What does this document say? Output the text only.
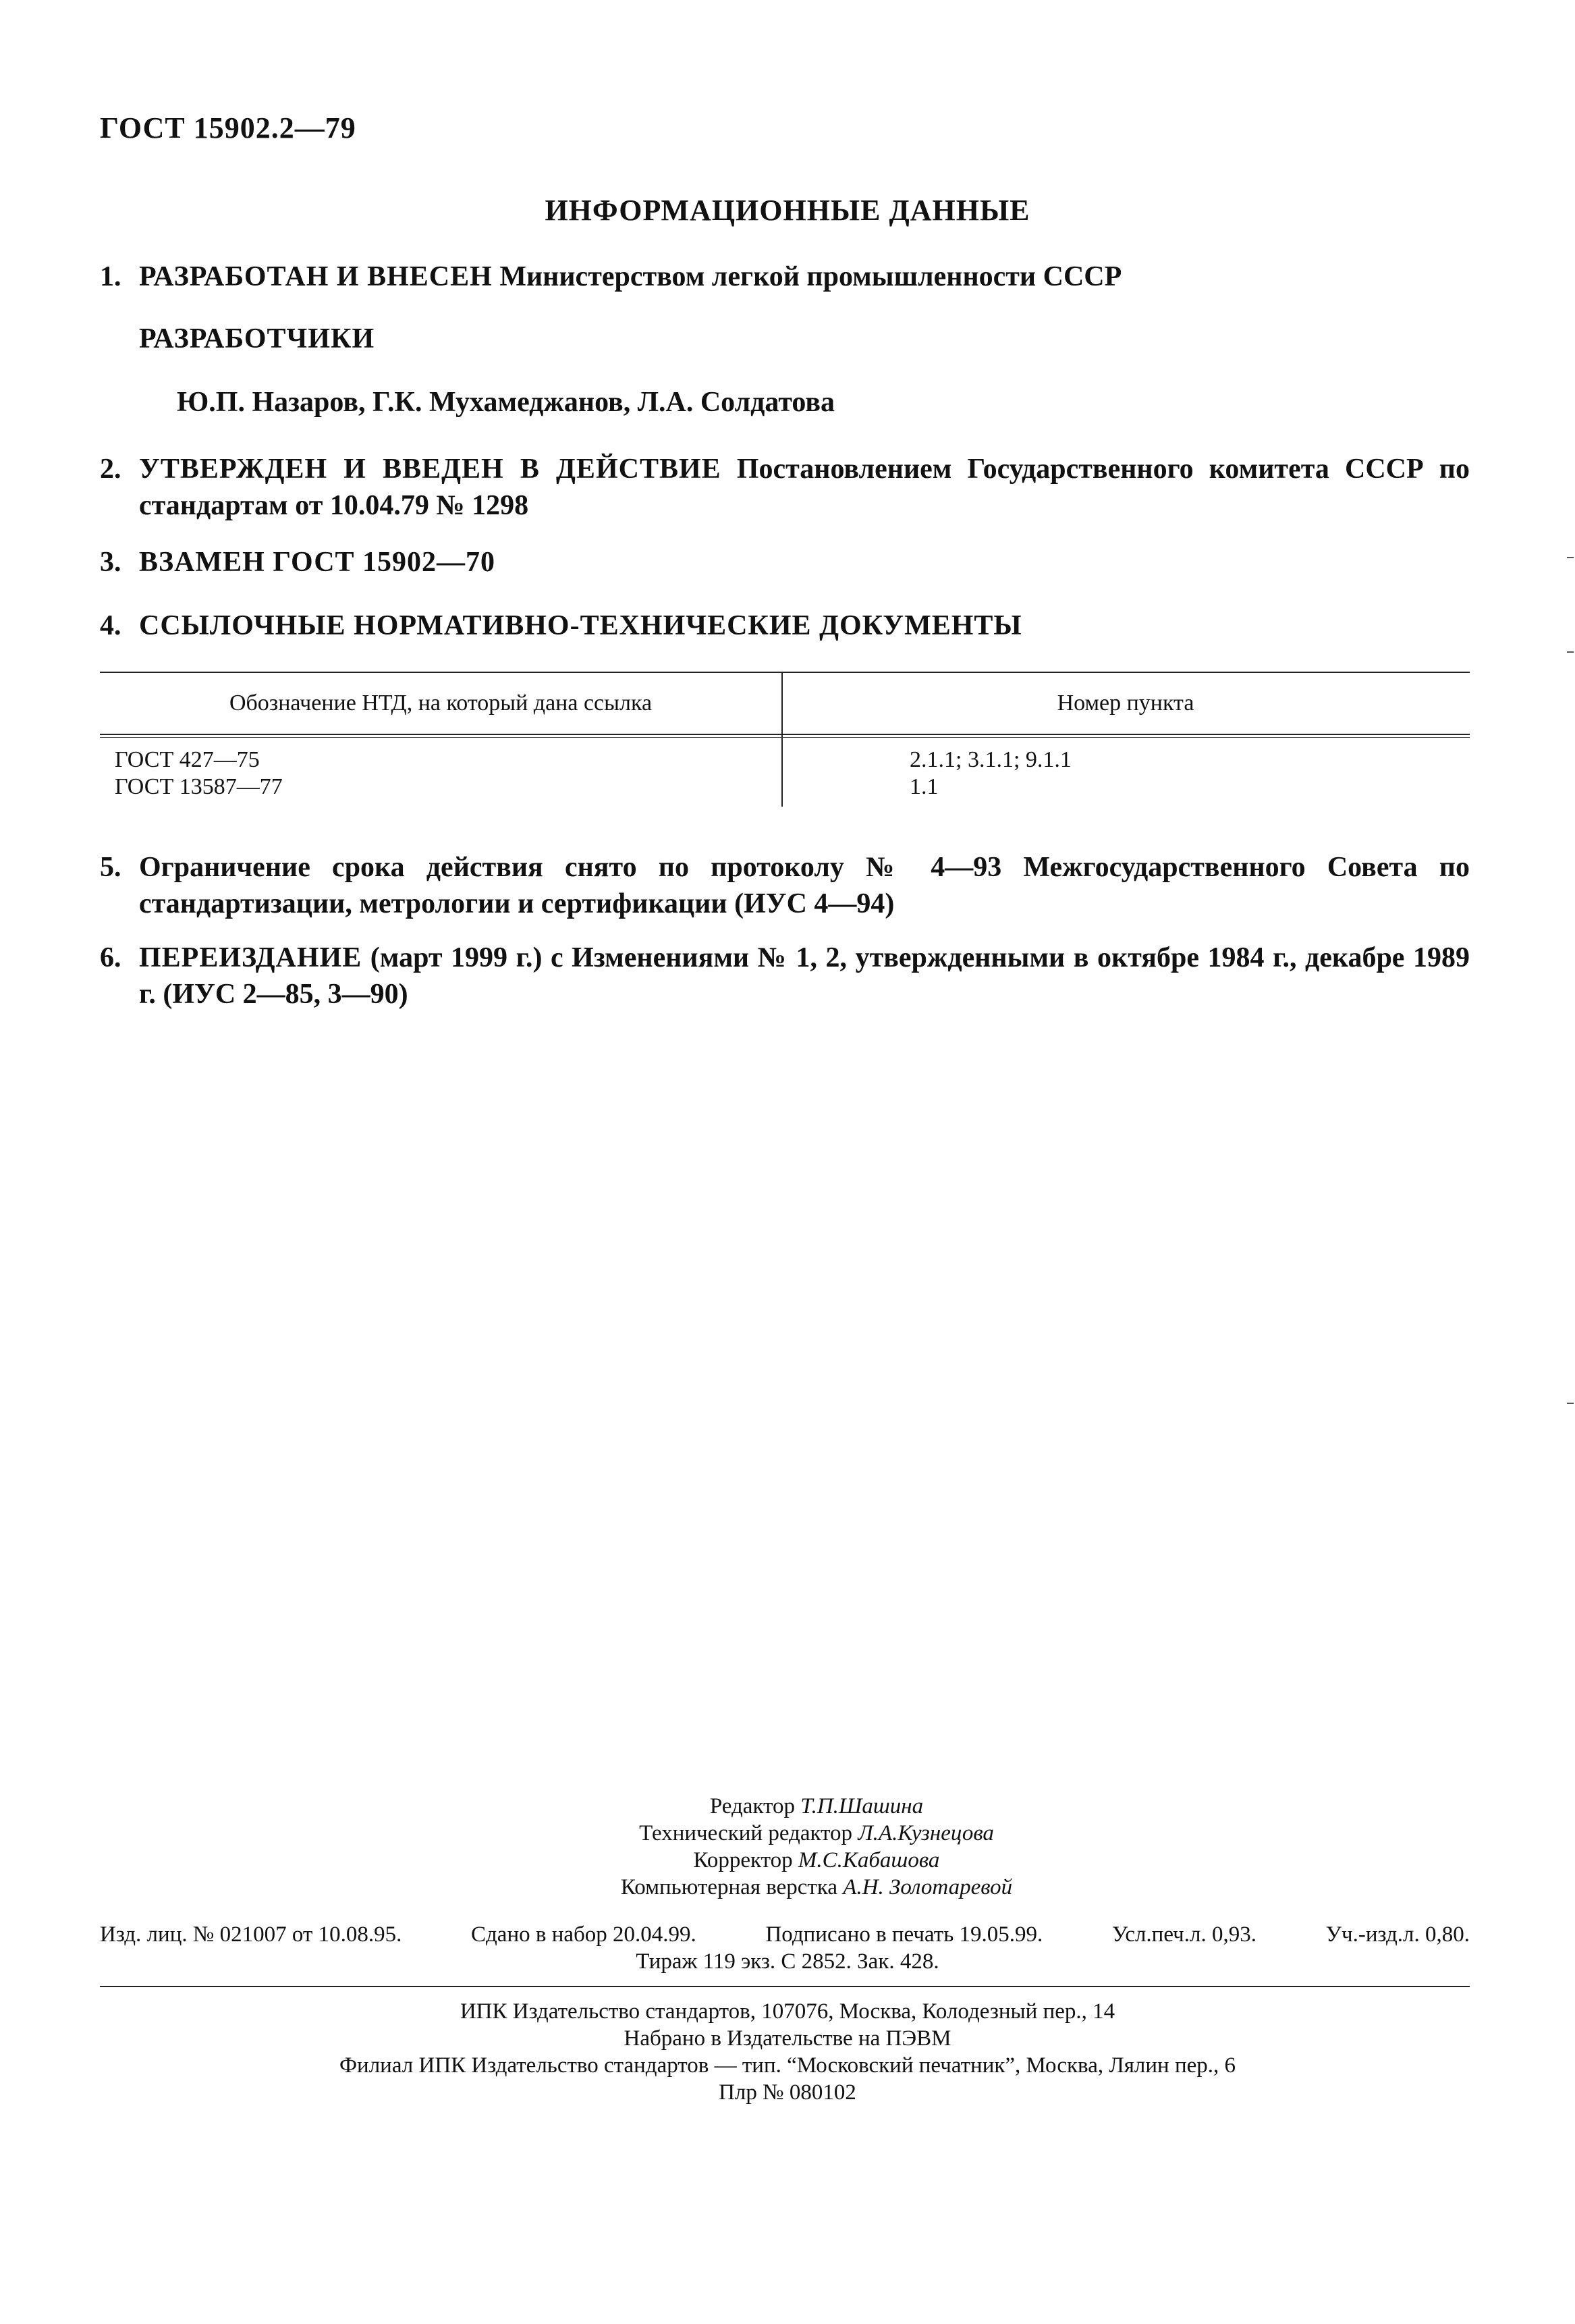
ГОСТ 15902.2—79
ИНФОРМАЦИОННЫЕ ДАННЫЕ
1. РАЗРАБОТАН И ВНЕСЕН Министерством легкой промышленности СССР
РАЗРАБОТЧИКИ
Ю.П. Назаров, Г.К. Мухамеджанов, Л.А. Солдатова
2. УТВЕРЖДЕН И ВВЕДЕН В ДЕЙСТВИЕ Постановлением Государственного комитета СССР по стандартам от 10.04.79 № 1298
3. ВЗАМЕН ГОСТ 15902—70
4. ССЫЛОЧНЫЕ НОРМАТИВНО-ТЕХНИЧЕСКИЕ ДОКУМЕНТЫ
Обозначение НТД, на который дана ссылка	Номер пункта
ГОСТ 427—75	2.1.1; 3.1.1; 9.1.1
ГОСТ 13587—77	1.1
5. Ограничение срока действия снято по протоколу № 4—93 Межгосударственного Совета по стандартизации, метрологии и сертификации (ИУС 4—94)
6. ПЕРЕИЗДАНИЕ (март 1999 г.) с Изменениями № 1, 2, утвержденными в октябре 1984 г., декабре 1989 г. (ИУС 2—85, 3—90)
Редактор Т.П.Шашина
Технический редактор Л.А.Кузнецова
Корректор М.С.Кабашова
Компьютерная верстка А.Н. Золотаревой
Изд. лиц. № 021007 от 10.08.95.	Сдано в набор 20.04.99.	Подписано в печать 19.05.99.	Усл.печ.л. 0,93.	Уч.-изд.л. 0,80.
Тираж 119 экз. С 2852. Зак. 428.
ИПК Издательство стандартов, 107076, Москва, Колодезный пер., 14
Набрано в Издательстве на ПЭВМ
Филиал ИПК Издательство стандартов — тип. “Московский печатник”, Москва, Лялин пер., 6
Плр № 080102
